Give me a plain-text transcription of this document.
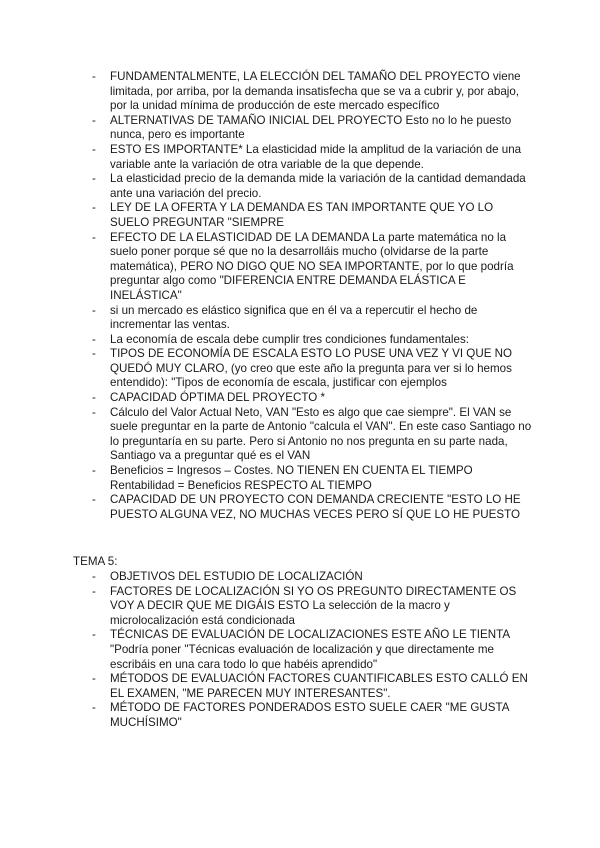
- FUNDAMENTALMENTE, LA ELECCIÓN DEL TAMAÑO DEL PROYECTO viene limitada, por arriba, por la demanda insatisfecha que se va a cubrir y, por abajo, por la unidad mínima de producción de este mercado específico
- ALTERNATIVAS DE TAMAÑO INICIAL DEL PROYECTO Esto no lo he puesto nunca, pero es importante
- ESTO ES IMPORTANTE* La elasticidad mide la amplitud de la variación de una variable ante la variación de otra variable de la que depende.
- La elasticidad precio de la demanda mide la variación de la cantidad demandada ante una variación del precio.
- LEY DE LA OFERTA Y LA DEMANDA ES TAN IMPORTANTE QUE YO LO SUELO PREGUNTAR "SIEMPRE
- EFECTO DE LA ELASTICIDAD DE LA DEMANDA La parte matemática no la suelo poner porque sé que no la desarrolláis mucho (olvidarse de la parte matemática), PERO NO DIGO QUE NO SEA IMPORTANTE, por lo que podría preguntar algo como "DIFERENCIA ENTRE DEMANDA ELÁSTICA E INELÁSTICA"
- si un mercado es elástico significa que en él va a repercutir el hecho de incrementar las ventas.
- La economía de escala debe cumplir tres condiciones fundamentales:
- TIPOS DE ECONOMÍA DE ESCALA ESTO LO PUSE UNA VEZ Y VI QUE NO QUEDÓ MUY CLARO, (yo creo que este año la pregunta para ver si lo hemos entendido): "Tipos de economía de escala, justificar con ejemplos
- CAPACIDAD ÓPTIMA DEL PROYECTO *
- Cálculo del Valor Actual Neto, VAN "Esto es algo que cae siempre". El VAN se suele preguntar en la parte de Antonio "calcula el VAN". En este caso Santiago no lo preguntaría en su parte. Pero si Antonio no nos pregunta en su parte nada, Santiago va a preguntar qué es el VAN
- Beneficios = Ingresos – Costes. NO TIENEN EN CUENTA EL TIEMPO Rentabilidad = Beneficios RESPECTO AL TIEMPO
- CAPACIDAD DE UN PROYECTO CON DEMANDA CRECIENTE "ESTO LO HE PUESTO ALGUNA VEZ, NO MUCHAS VECES PERO SÍ QUE LO HE PUESTO
TEMA 5:
- OBJETIVOS DEL ESTUDIO DE LOCALIZACIÓN
- FACTORES DE LOCALIZACIÓN SI YO OS PREGUNTO DIRECTAMENTE OS VOY A DECIR QUE ME DIGÁIS ESTO La selección de la macro y microlocalización está condicionada
- TÉCNICAS DE EVALUACIÓN DE LOCALIZACIONES ESTE AÑO LE TIENTA "Podría poner "Técnicas evaluación de localización y que directamente me escribáis en una cara todo lo que habéis aprendido"
- MÉTODOS DE EVALUACIÓN FACTORES CUANTIFICABLES ESTO CALLÓ EN EL EXAMEN, "ME PARECEN MUY INTERESANTES".
- MÉTODO DE FACTORES PONDERADOS ESTO SUELE CAER "ME GUSTA MUCHÍSIMO"
